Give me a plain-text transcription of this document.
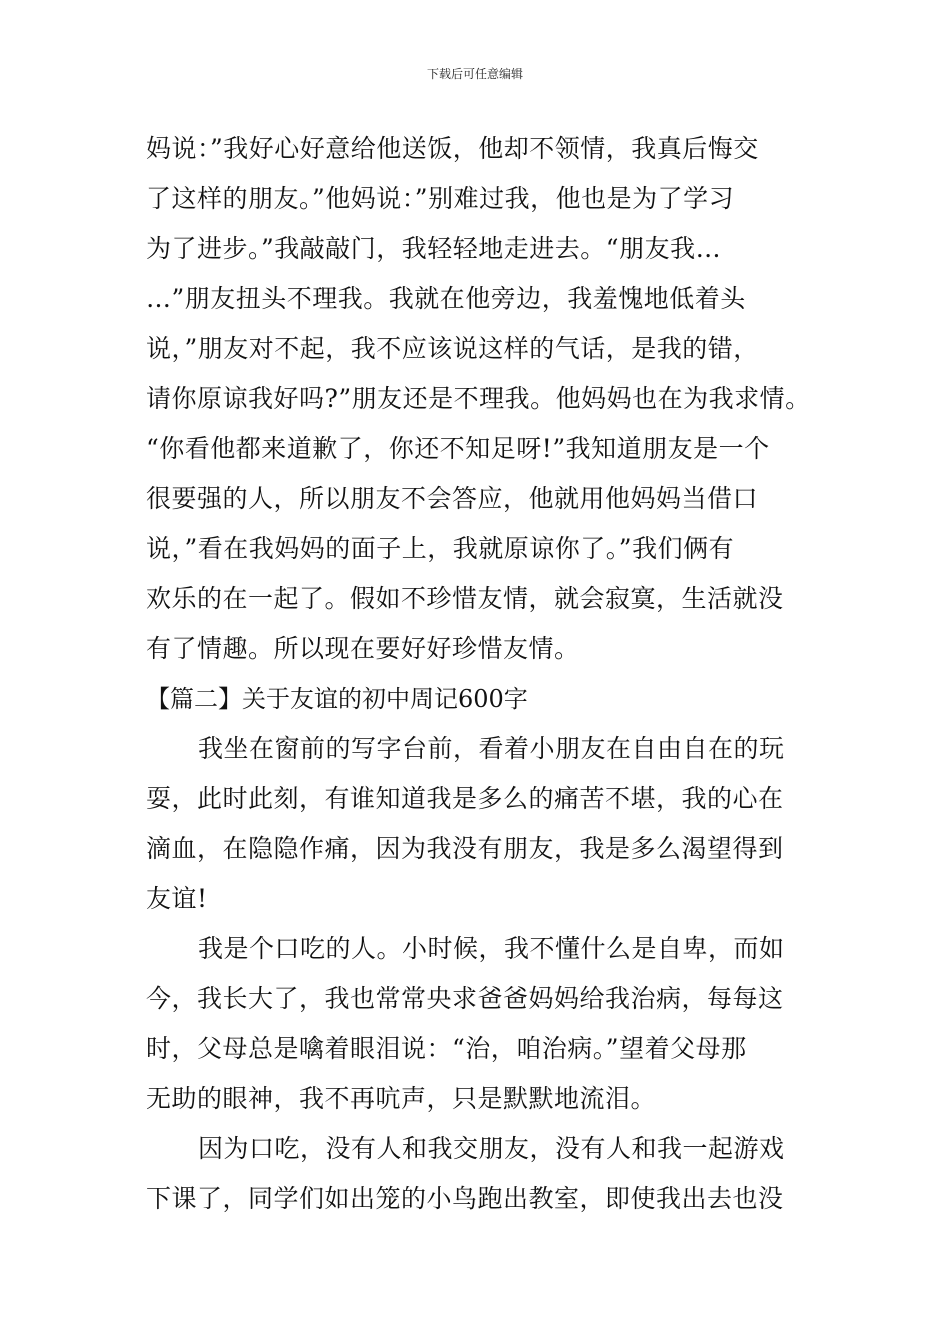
下载后可任意编辑
妈说：”我好心好意给他送饭，他却不领情，我真后悔交
了这样的朋友。”他妈说：”别难过我，他也是为了学习
为了进步。”我敲敲门，我轻轻地走进去。“朋友我…
…”朋友扭头不理我。我就在他旁边，我羞愧地低着头
说，”朋友对不起，我不应该说这样的气话，是我的错，
请你原谅我好吗?”朋友还是不理我。他妈妈也在为我求情。
“你看他都来道歉了，你还不知足呀!”我知道朋友是一个
很要强的人，所以朋友不会答应，他就用他妈妈当借口
说，”看在我妈妈的面子上，我就原谅你了。”我们俩有
欢乐的在一起了。假如不珍惜友情，就会寂寞，生活就没
有了情趣。所以现在要好好珍惜友情。
【篇二】关于友谊的初中周记600字
我坐在窗前的写字台前，看着小朋友在自由自在的玩
耍，此时此刻，有谁知道我是多么的痛苦不堪，我的心在
滴血，在隐隐作痛，因为我没有朋友，我是多么渴望得到
友谊!
我是个口吃的人。小时候，我不懂什么是自卑，而如
今，我长大了，我也常常央求爸爸妈妈给我治病，每每这
时，父母总是噙着眼泪说：“治，咱治病。”望着父母那
无助的眼神，我不再吭声，只是默默地流泪。
因为口吃，没有人和我交朋友，没有人和我一起游戏
下课了，同学们如出笼的小鸟跑出教室，即使我出去也没
